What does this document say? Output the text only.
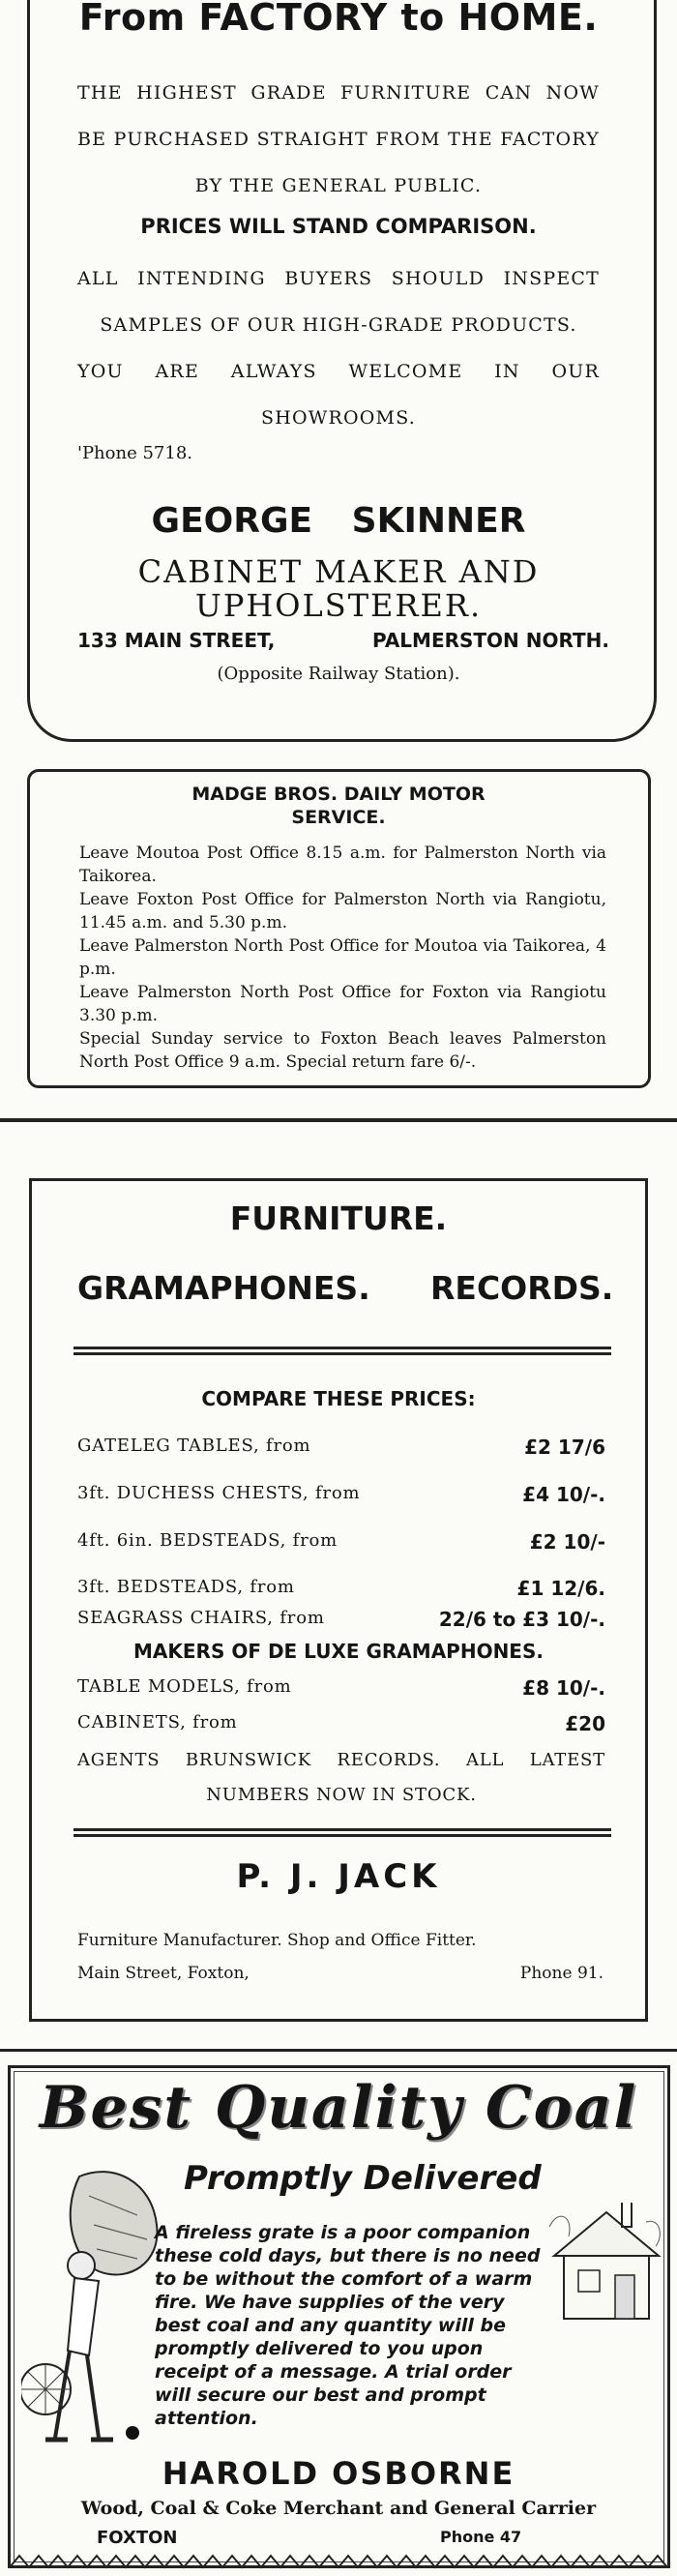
From FACTORY to HOME.
THE HIGHEST GRADE FURNITURE CAN NOW BE PURCHASED STRAIGHT FROM THE FACTORY BY THE GENERAL PUBLIC.
PRICES WILL STAND COMPARISON.
ALL INTENDING BUYERS SHOULD INSPECT SAMPLES OF OUR HIGH-GRADE PRODUCTS.
YOU ARE ALWAYS WELCOME IN OUR SHOWROOMS.
'Phone 5718.
GEORGE SKINNER
CABINET MAKER AND
UPHOLSTERER.
133 MAIN STREET,	PALMERSTON NORTH.
(Opposite Railway Station).
MADGE BROS. DAILY MOTOR
SERVICE.
Leave Moutoa Post Office 8.15 a.m. for Palmerston North via Taikorea.
Leave Foxton Post Office for Palmerston North via Rangiotu, 11.45 a.m. and 5.30 p.m.
Leave Palmerston North Post Office for Moutoa via Taikorea, 4 p.m.
Leave Palmerston North Post Office for Foxton via Rangiotu 3.30 p.m.
Special Sunday service to Foxton Beach leaves Palmerston North Post Office 9 a.m. Special return fare 6/-.
FURNITURE.
GRAMAPHONES. RECORDS.
COMPARE THESE PRICES:
GATELEG TABLES, from	£2 17/6
3ft. DUCHESS CHESTS, from	£4 10/-.
4ft. 6in. BEDSTEADS, from	£2 10/-
3ft. BEDSTEADS, from	£1 12/6.
SEAGRASS CHAIRS, from	22/6 to £3 10/-.
MAKERS OF DE LUXE GRAMAPHONES.
TABLE MODELS, from	£8 10/-.
CABINETS, from	£20
AGENTS BRUNSWICK RECORDS. ALL LATEST NUMBERS NOW IN STOCK.
P. J. JACK
Furniture Manufacturer. Shop and Office Fitter.
Main Street, Foxton,	Phone 91.
Best Quality Coal
Promptly Delivered
A fireless grate is a poor companion these cold days, but there is no need to be without the comfort of a warm fire. We have supplies of the very best coal and any quantity will be promptly delivered to you upon receipt of a message. A trial order will secure our best and prompt attention.
HAROLD OSBORNE
Wood, Coal & Coke Merchant and General Carrier
FOXTON	Phone 47
